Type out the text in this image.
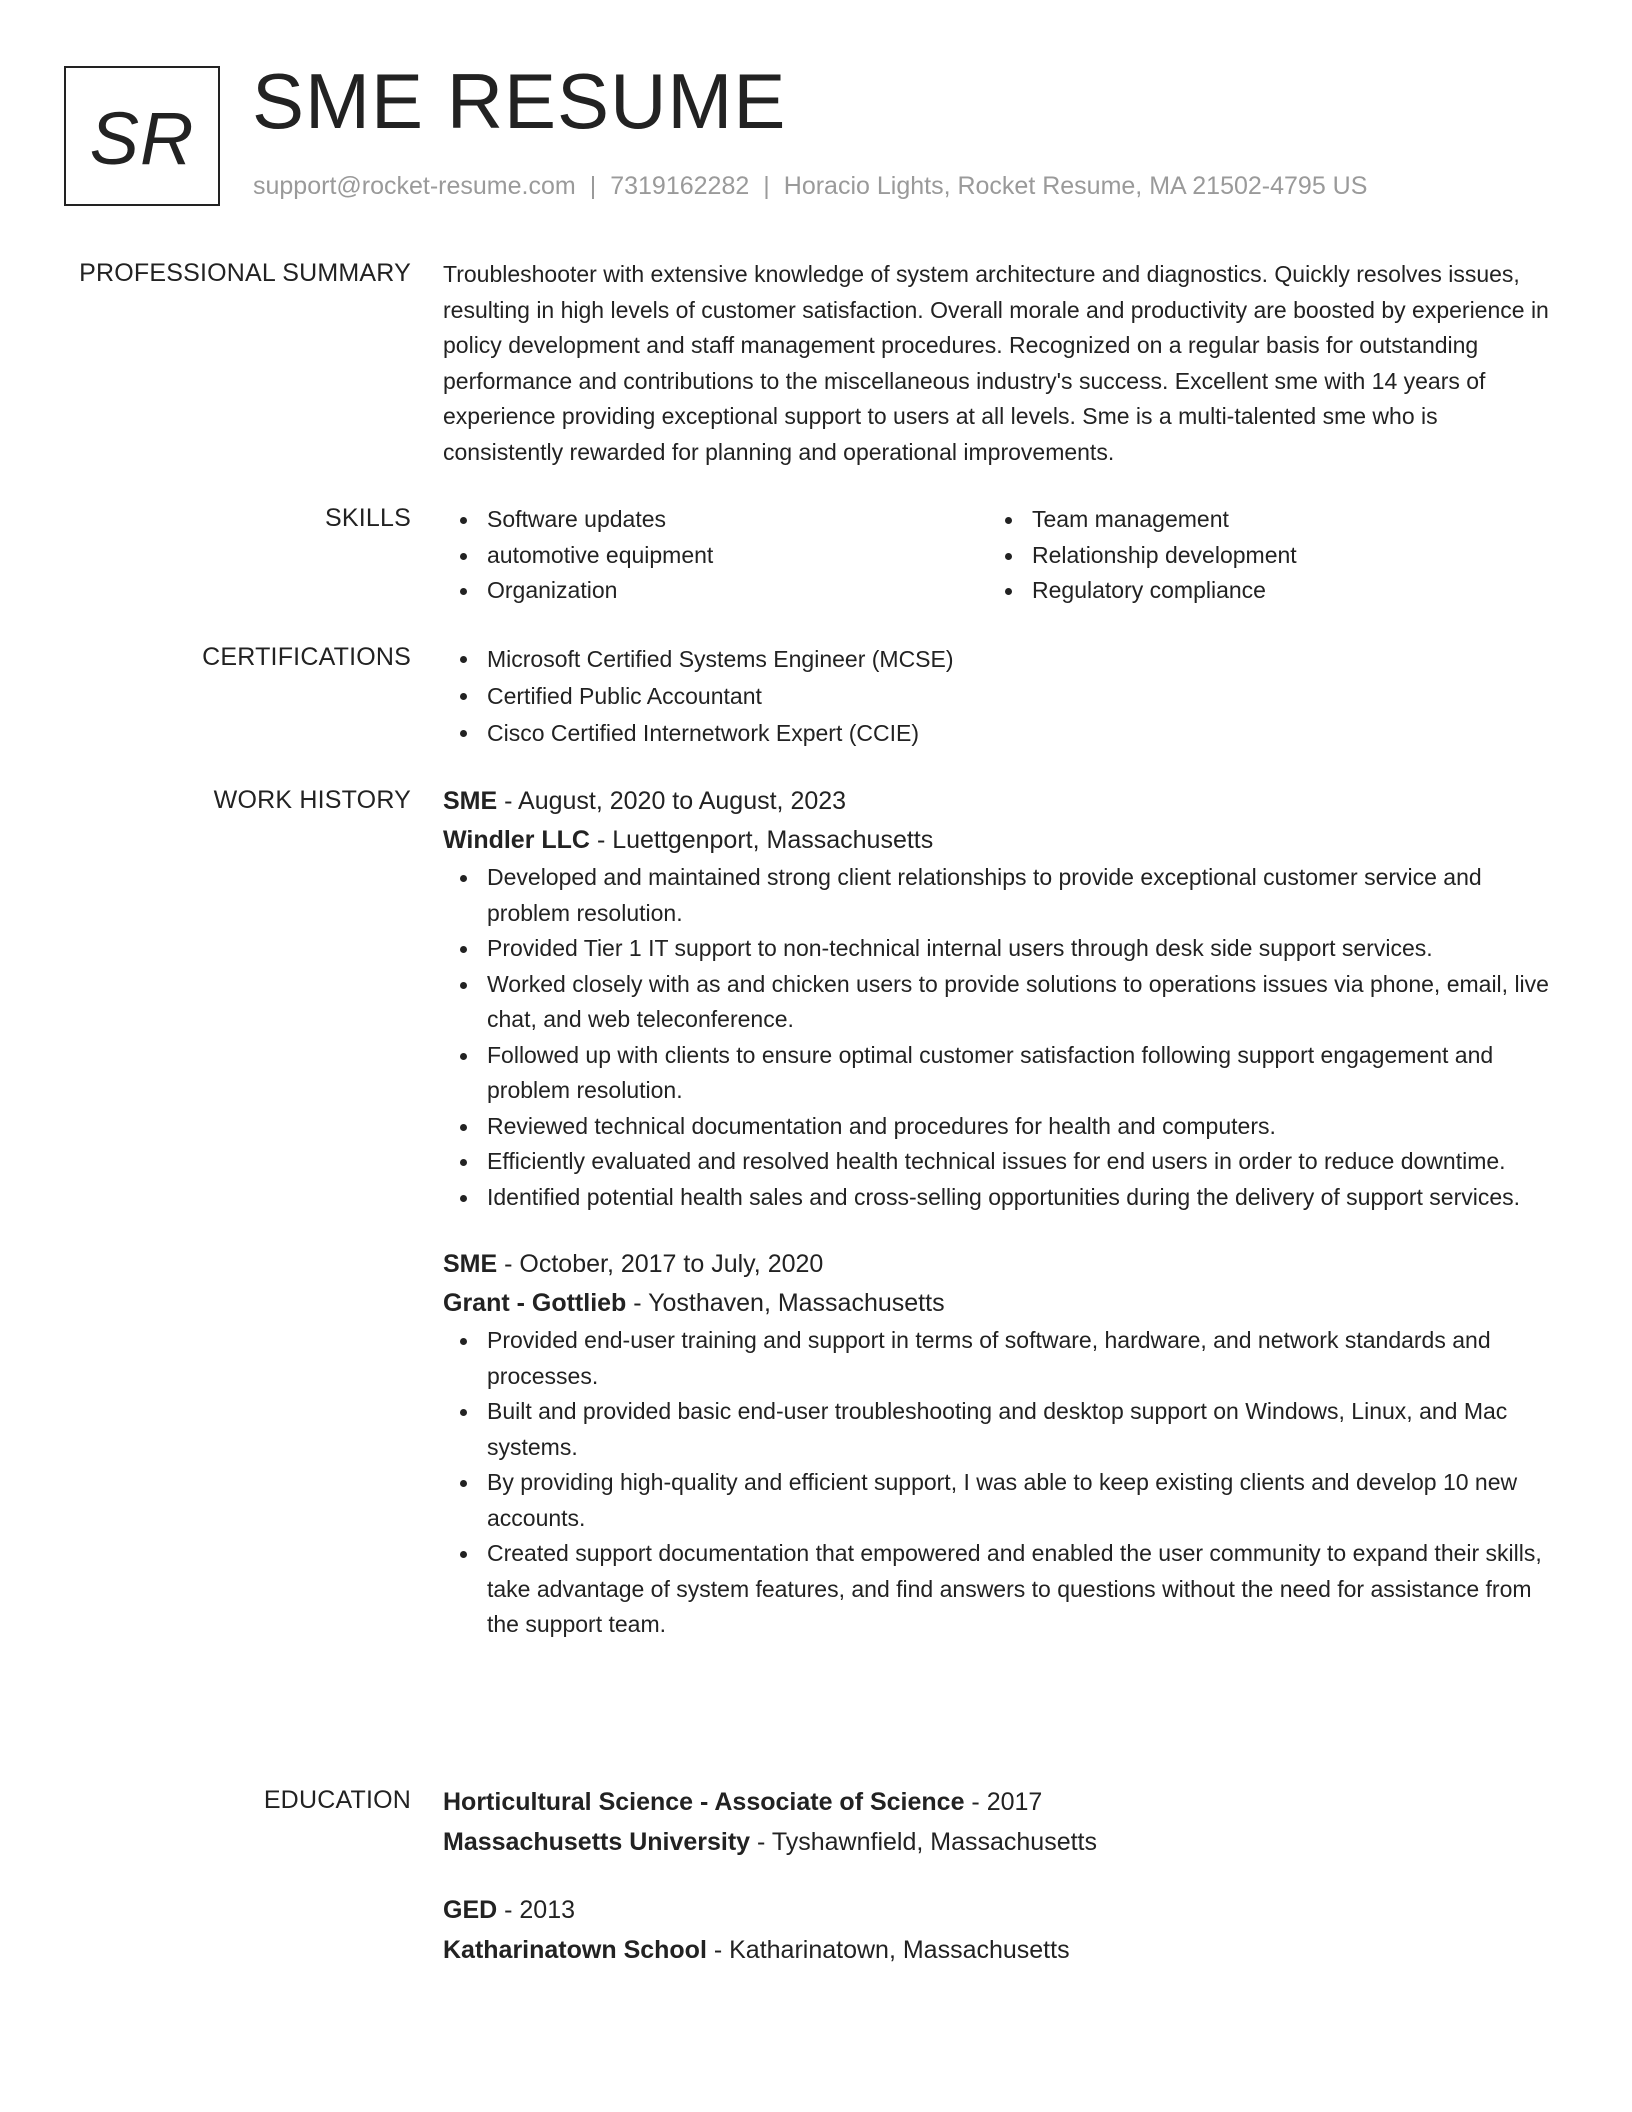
SR SME RESUME
support@rocket-resume.com | 7319162282 | Horacio Lights, Rocket Resume, MA 21502-4795 US
PROFESSIONAL SUMMARY Troubleshooter with extensive knowledge of system architecture and diagnostics. Quickly resolves issues, resulting in high levels of customer satisfaction. Overall morale and productivity are boosted by experience in policy development and staff management procedures. Recognized on a regular basis for outstanding performance and contributions to the miscellaneous industry's success. Excellent sme with 14 years of experience providing exceptional support to users at all levels. Sme is a multi-talented sme who is consistently rewarded for planning and operational improvements.

SKILLS	Software updates
automotive equipment
Organization
Team management
Relationship development
Regulatory compliance
CERTIFICATIONS	Microsoft Certified Systems Engineer (MCSE)
Certified Public Accountant
Cisco Certified Internetwork Expert (CCIE)
WORK HISTORY SME - August, 2020 to August, 2023
Windler LLC - Luettgenport, Massachusetts
Developed and maintained strong client relationships to provide exceptional customer service and problem resolution.
Provided Tier 1 IT support to non-technical internal users through desk side support services.
Worked closely with as and chicken users to provide solutions to operations issues via phone, email, live chat, and web teleconference.
Followed up with clients to ensure optimal customer satisfaction following support engagement and problem resolution.
Reviewed technical documentation and procedures for health and computers.
Efficiently evaluated and resolved health technical issues for end users in order to reduce downtime.
Identified potential health sales and cross-selling opportunities during the delivery of support services.
SME - October, 2017 to July, 2020
Grant - Gottlieb - Yosthaven, Massachusetts
Provided end-user training and support in terms of software, hardware, and network standards and processes.
Built and provided basic end-user troubleshooting and desktop support on Windows, Linux, and Mac systems.
By providing high-quality and efficient support, I was able to keep existing clients and develop 10 new accounts.
Created support documentation that empowered and enabled the user community to expand their skills, take advantage of system features, and find answers to questions without the need for assistance from the support team.
EDUCATION Horticultural Science - Associate of Science - 2017
Massachusetts University - Tyshawnfield, Massachusetts
GED - 2013
Katharinatown School - Katharinatown, Massachusetts
